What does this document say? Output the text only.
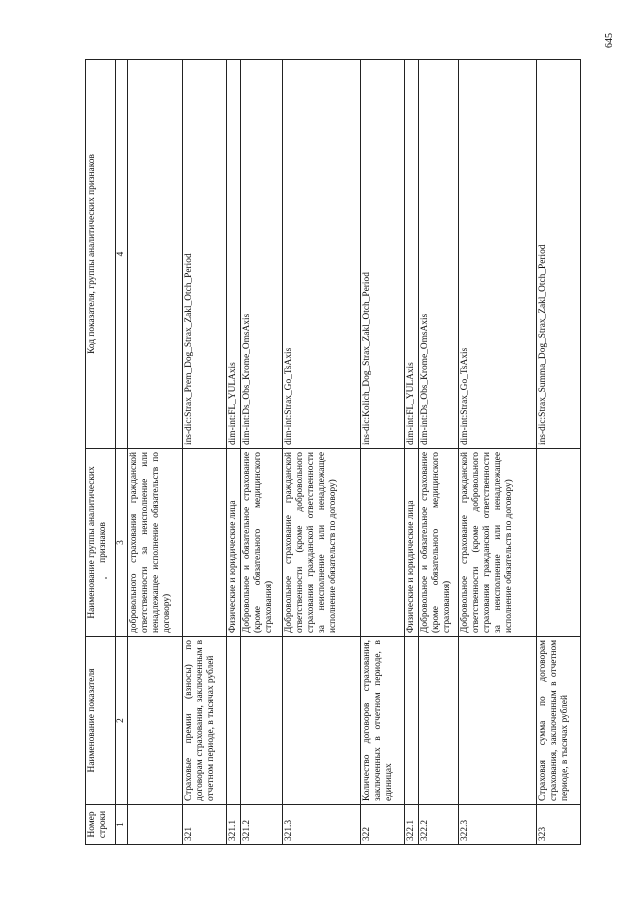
645
Номер строки	Наименование показателя	Наименование группы аналитических признаков	Код показателя, группы аналитических признаков
1	2	3	4
		добровольного страхования гражданской ответственности за неисполнение или ненадлежащее исполнение обязательств по договору)	
321	Страховые премии (взносы) по договорам страхования, заключенным в отчетном периоде, в тысячах рублей		ins-dic:Strax_Prem_Dog_Strax_Zakl_Otch_Period
321.1		Физические и юридические лица	dim-int:FL_YULAxis
321.2		Добровольное и обязательное страхование (кроме обязательного медицинского страхования)	dim-int:Ds_Obs_Krome_OmsAxis
321.3		Добровольное страхование гражданской ответственности (кроме добровольного страхования гражданской ответственности за неисполнение или ненадлежащее исполнение обязательств по договору)	dim-int:Strax_Go_TsAxis
322	Количество договоров страхования, заключенных в отчетном периоде, в единицах		ins-dic:Kolich_Dog_Strax_Zakl_Otch_Period
322.1		Физические и юридические лица	dim-int:FL_YULAxis
322.2		Добровольное и обязательное страхование (кроме обязательного медицинского страхования)	dim-int:Ds_Obs_Krome_OmsAxis
322.3		Добровольное страхование гражданской ответственности (кроме добровольного страхования гражданской ответственности за неисполнение или ненадлежащее исполнение обязательств по договору)	dim-int:Strax_Go_TsAxis
323	Страховая сумма по договорам страхования, заключенным в отчетном периоде, в тысячах рублей		ins-dic:Strax_Summa_Dog_Strax_Zakl_Otch_Period
